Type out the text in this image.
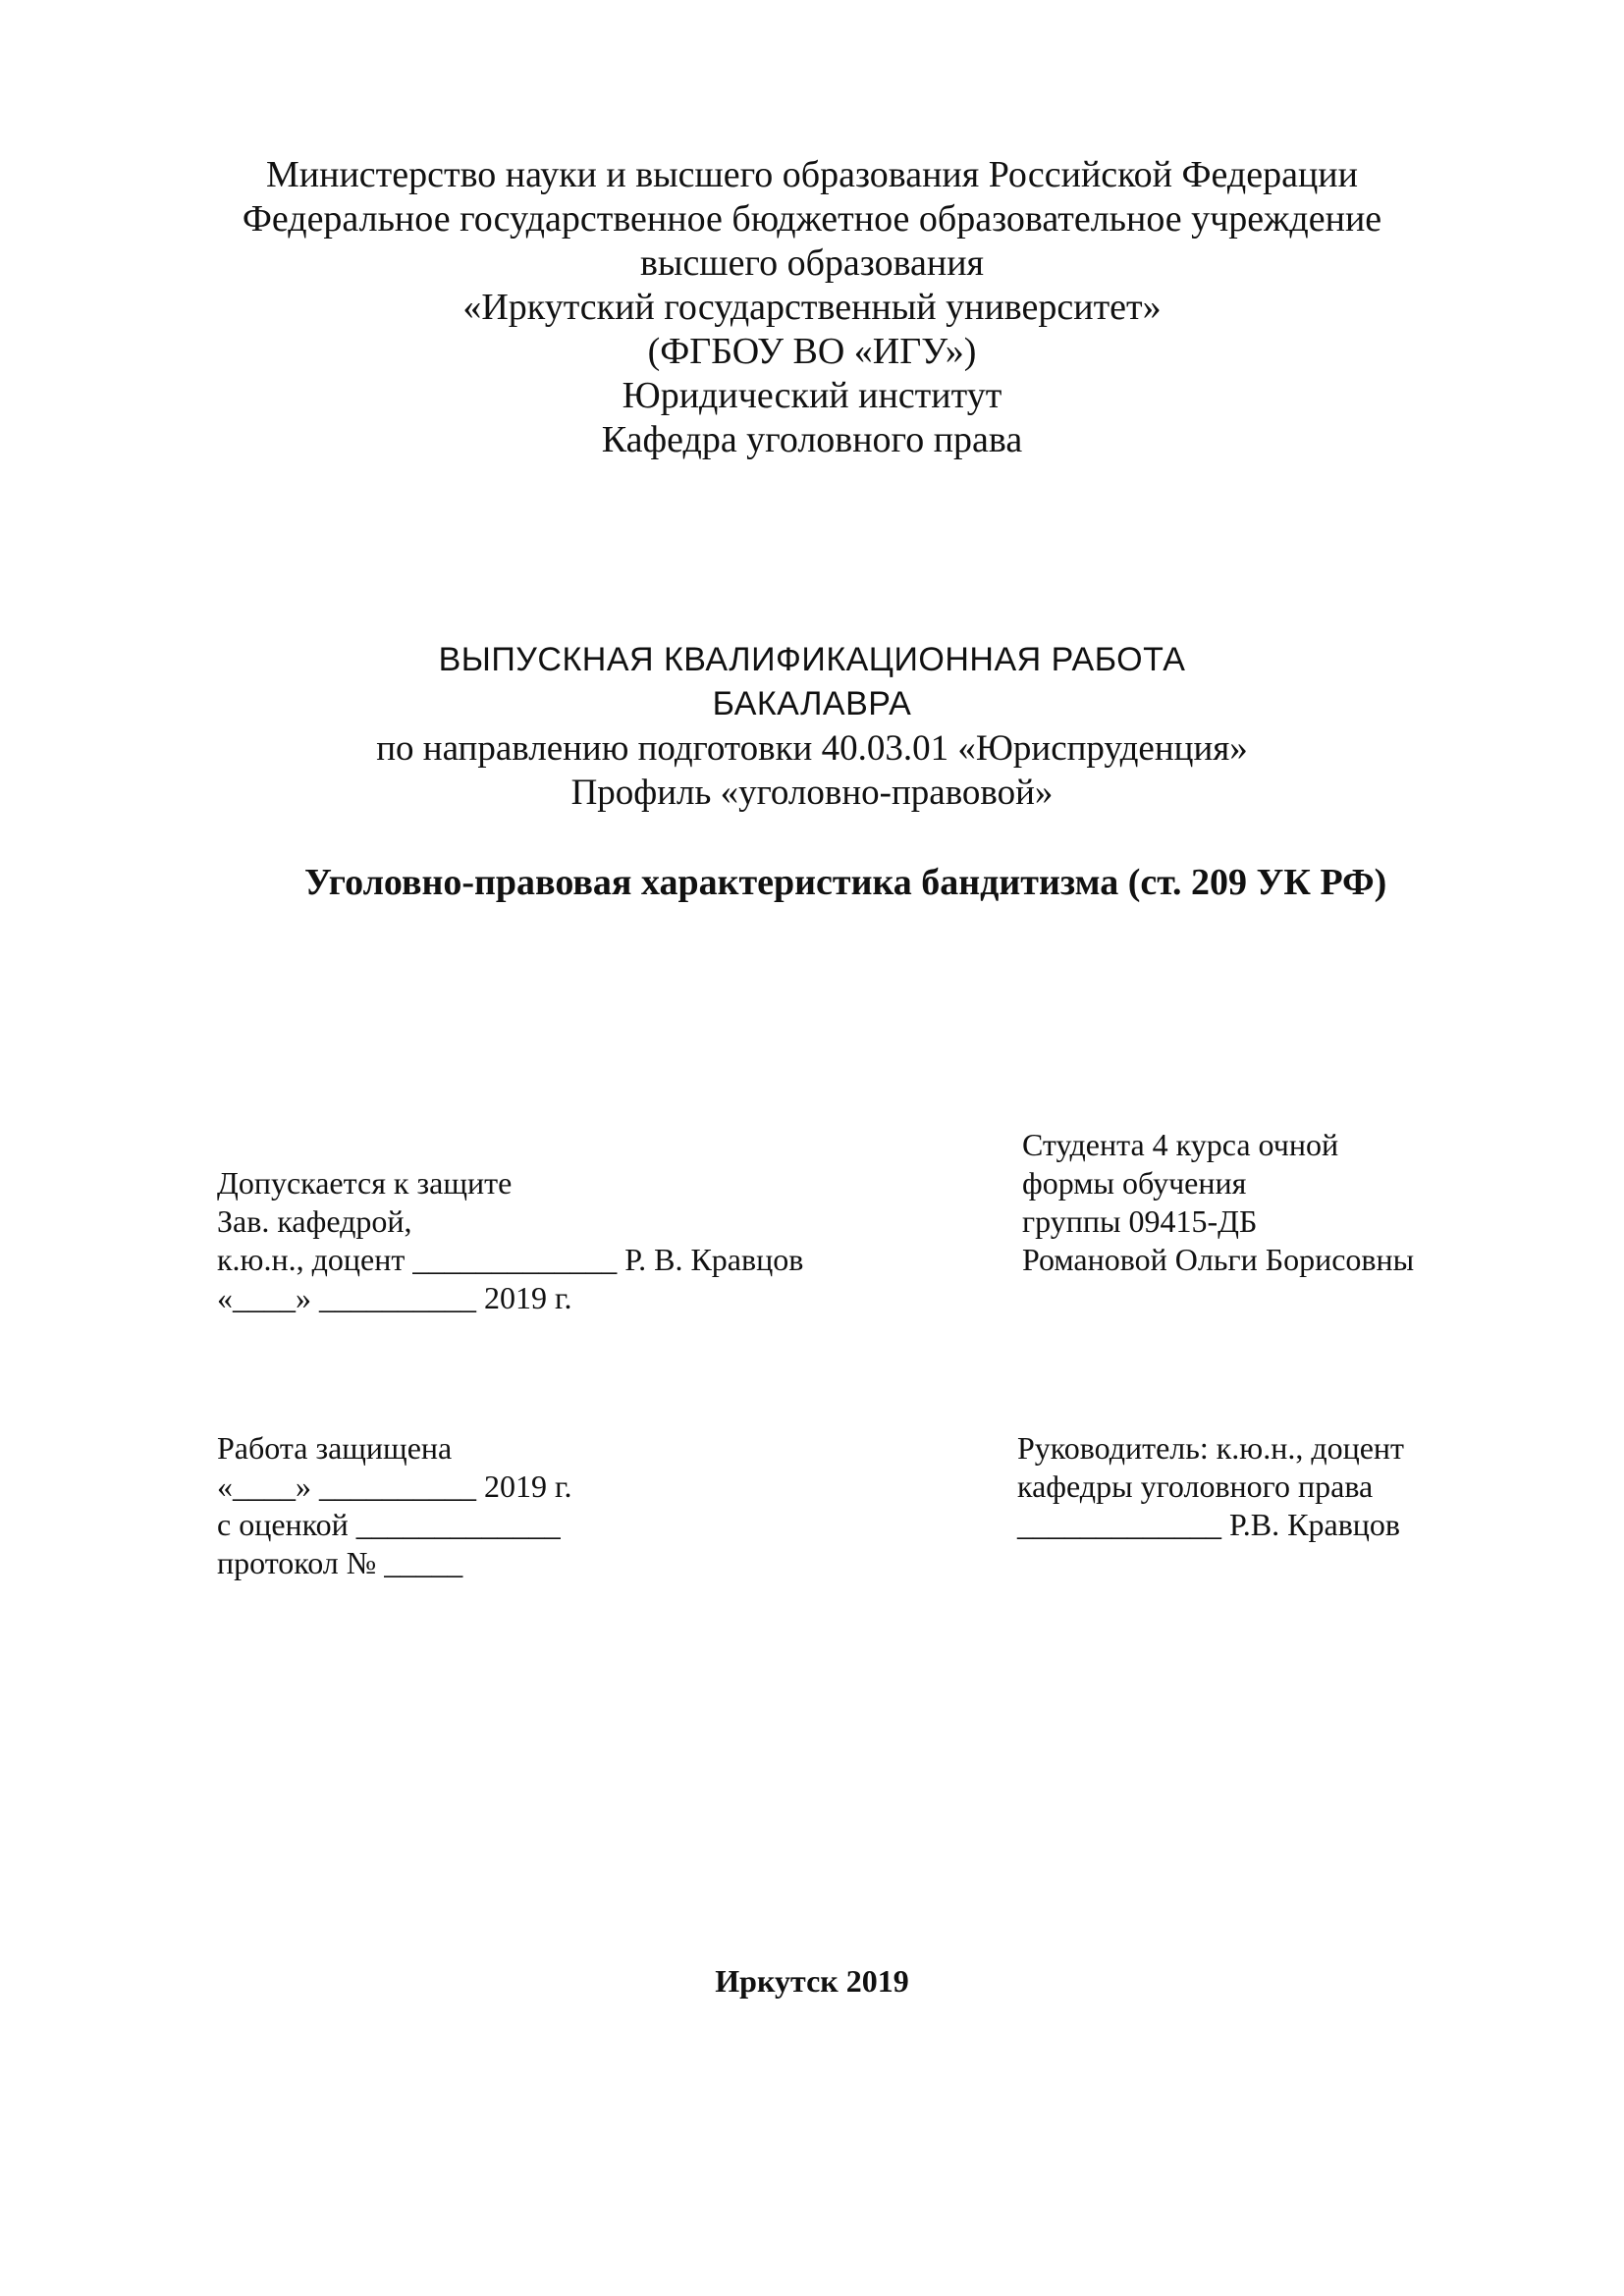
Министерство науки и высшего образования Российской Федерации
Федеральное государственное бюджетное образовательное учреждение
высшего образования
«Иркутский государственный университет»
(ФГБОУ ВО «ИГУ»)
Юридический институт
Кафедра уголовного права
ВЫПУСКНАЯ КВАЛИФИКАЦИОННАЯ РАБОТА
БАКАЛАВРА
по направлению подготовки 40.03.01 «Юриспруденция»
Профиль «уголовно-правовой»
Уголовно-правовая характеристика бандитизма (ст. 209 УК РФ)
Допускается к защите
Зав. кафедрой,
к.ю.н., доцент _____________ Р. В. Кравцов
«____» __________ 2019 г.
Студента 4 курса очной
формы обучения
группы 09415-ДБ
Романовой Ольги Борисовны
Работа защищена
«____» __________ 2019 г.
с оценкой _____________
протокол № _____
Руководитель: к.ю.н., доцент
кафедры уголовного права
_____________ Р.В. Кравцов
Иркутск 2019
